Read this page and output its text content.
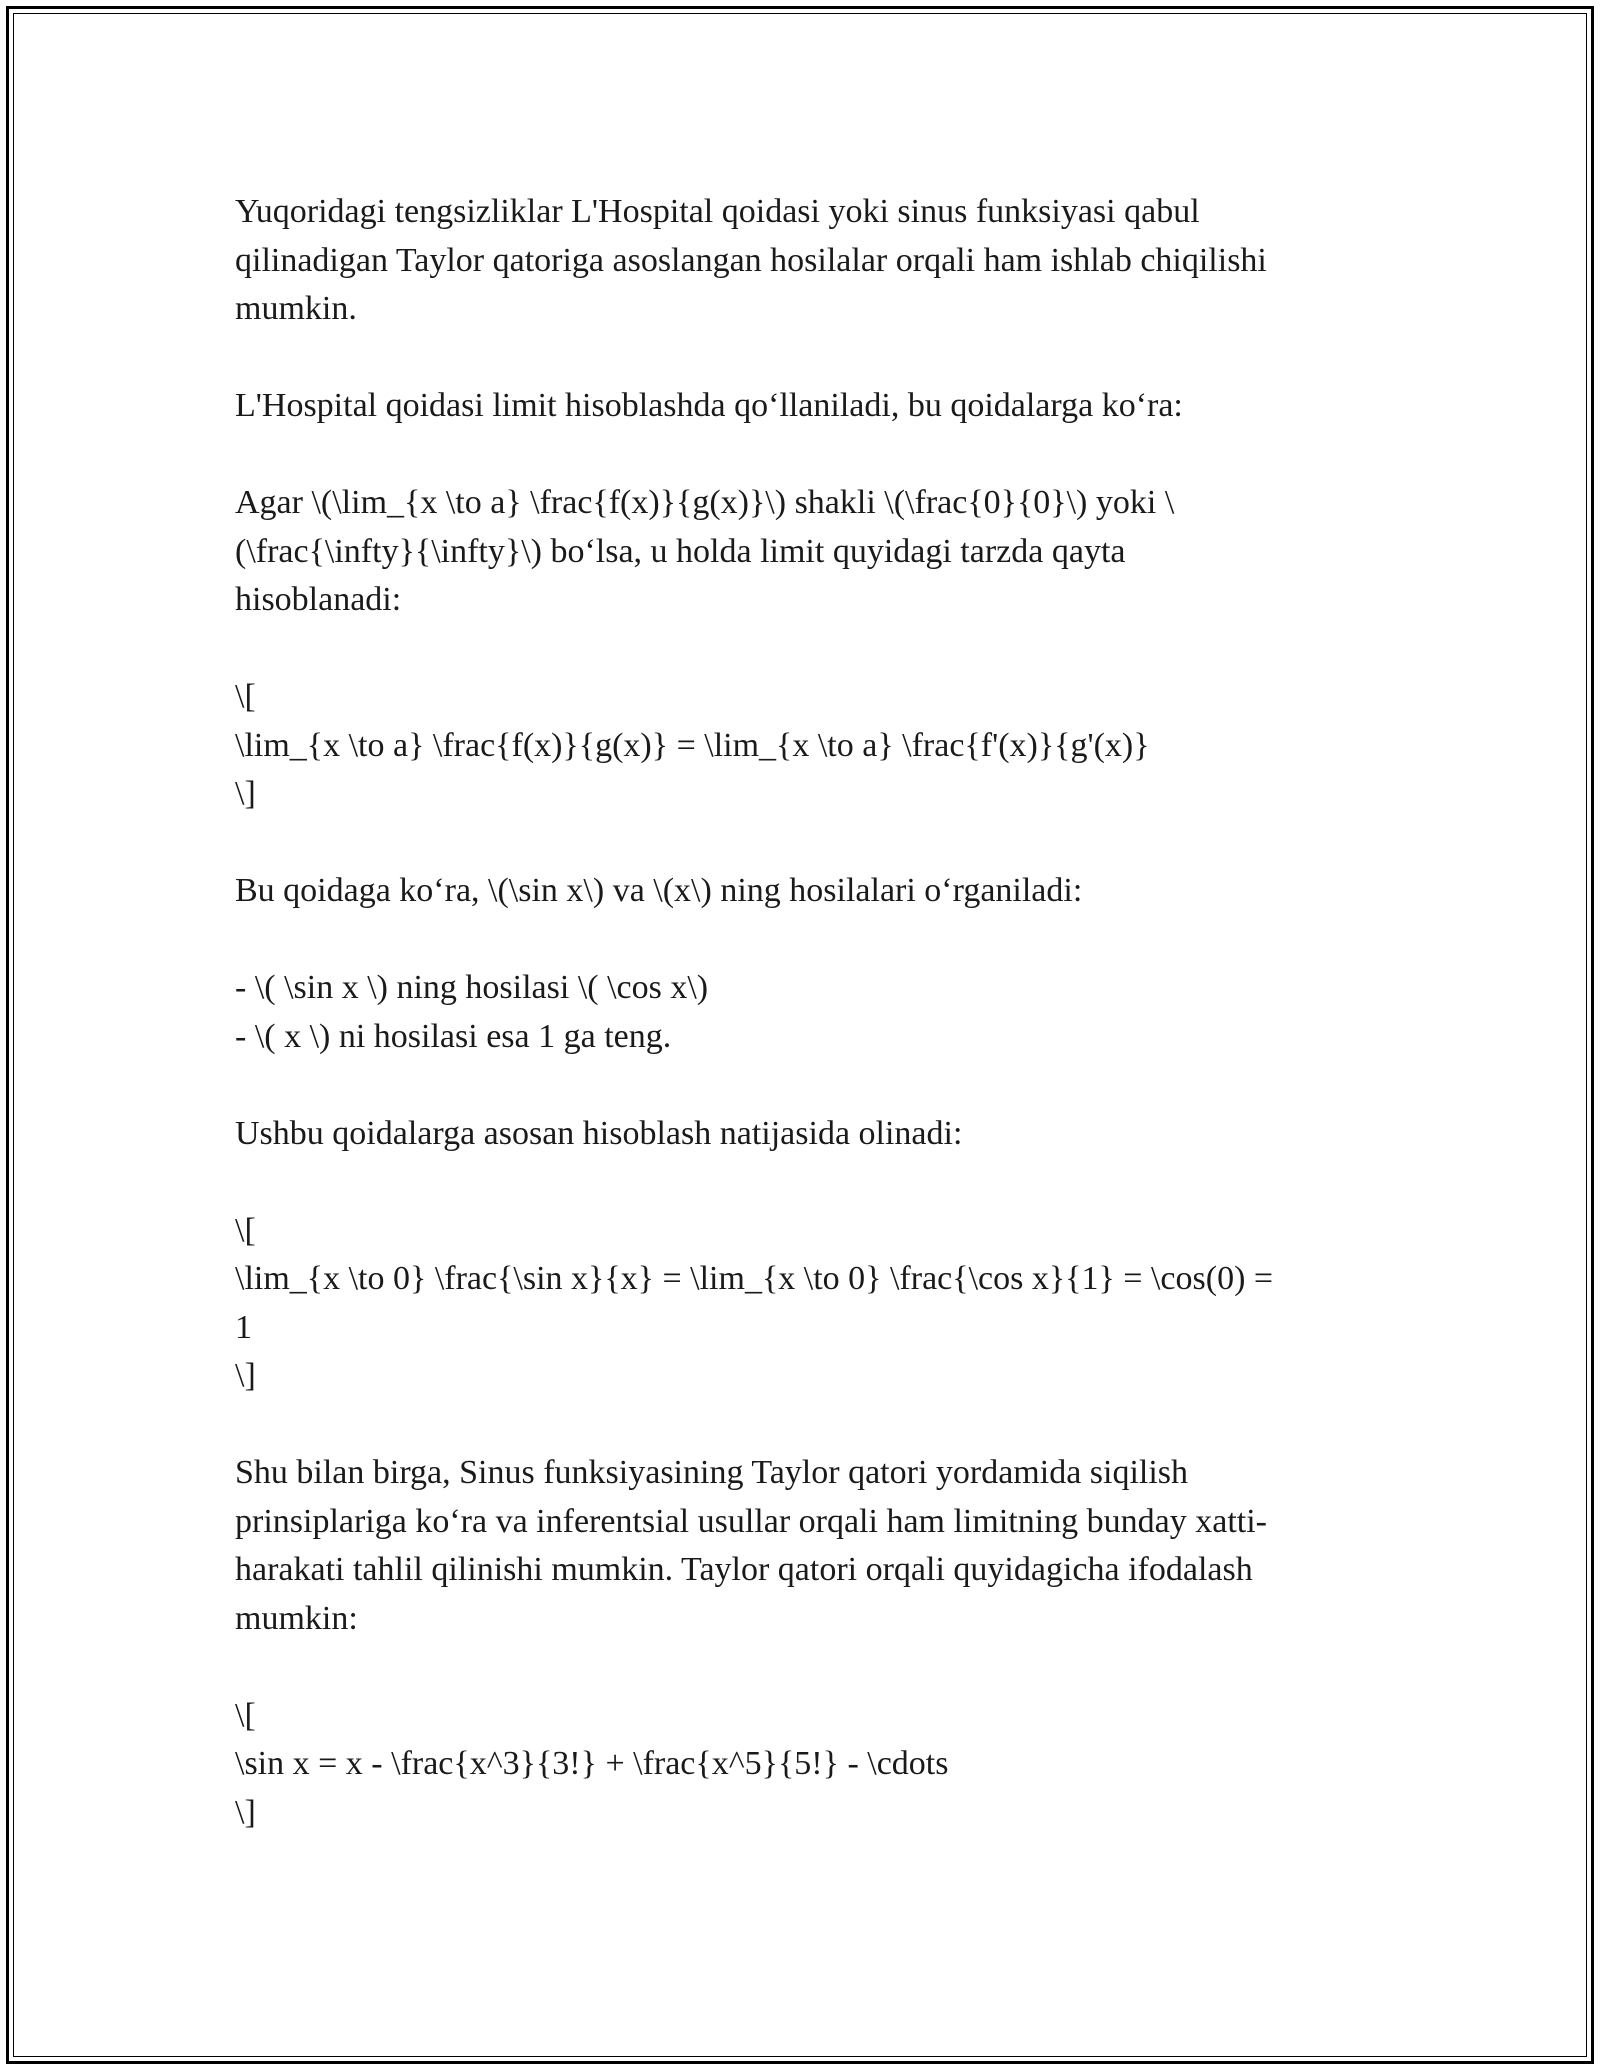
Yuqoridagi tengsizliklar L'Hospital qoidasi yoki sinus funksiyasi qabul
qilinadigan Taylor qatoriga asoslangan hosilalar orqali ham ishlab chiqilishi
mumkin.
L'Hospital qoidasi limit hisoblashda qo‘llaniladi, bu qoidalarga ko‘ra:
Agar \(\lim_{x \to a} \frac{f(x)}{g(x)}\) shakli \(\frac{0}{0}\) yoki \
(\frac{\infty}{\infty}\) bo‘lsa, u holda limit quyidagi tarzda qayta
hisoblanadi:
\[
\lim_{x \to a} \frac{f(x)}{g(x)} = \lim_{x \to a} \frac{f'(x)}{g'(x)}
\]
Bu qoidaga ko‘ra, \(\sin x\) va \(x\) ning hosilalari o‘rganiladi:
- \( \sin x \) ning hosilasi \( \cos x\)
- \( x \) ni hosilasi esa 1 ga teng.
Ushbu qoidalarga asosan hisoblash natijasida olinadi:
\[
\lim_{x \to 0} \frac{\sin x}{x} = \lim_{x \to 0} \frac{\cos x}{1} = \cos(0) =
1
\]
Shu bilan birga, Sinus funksiyasining Taylor qatori yordamida siqilish
prinsiplariga ko‘ra va inferentsial usullar orqali ham limitning bunday xatti-
harakati tahlil qilinishi mumkin. Taylor qatori orqali quyidagicha ifodalash
mumkin:
\[
\sin x = x - \frac{x^3}{3!} + \frac{x^5}{5!} - \cdots
\]
